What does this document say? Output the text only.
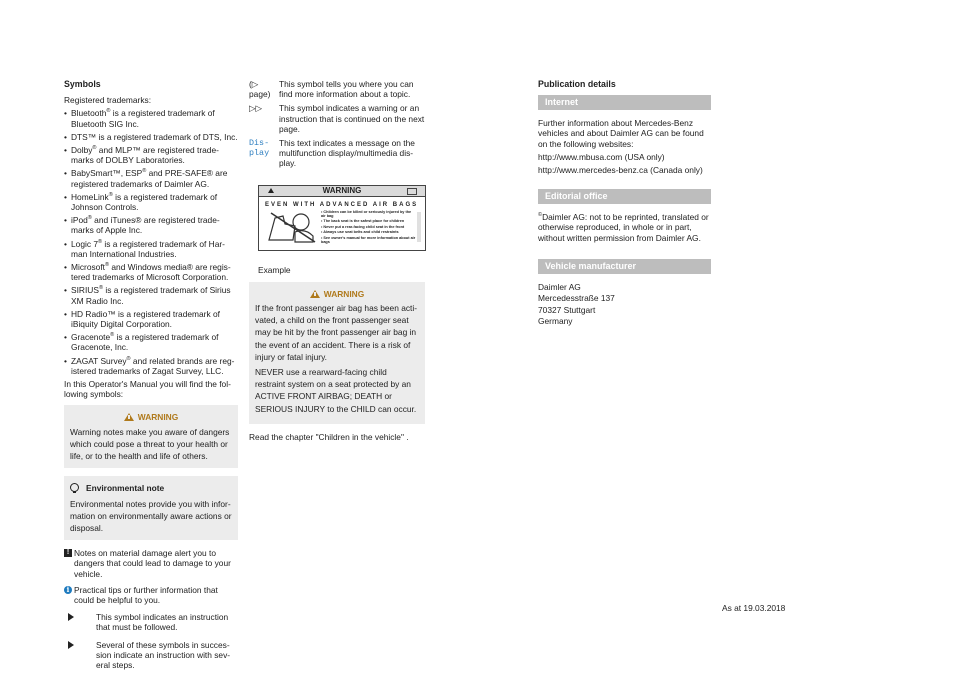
Symbols

Registered trademarks:

• Bluetooth® is a registered trademark of Bluetooth SIG Inc.
• DTS™ is a registered trademark of DTS, Inc.
• Dolby® and MLP™ are registered trademarks of DOLBY Laboratories.
• BabySmart™, ESP® and PRE-SAFE® are registered trademarks of Daimler AG.
• HomeLink® is a registered trademark of Johnson Controls.
• iPod® and iTunes® are registered trademarks of Apple Inc.
• Logic 7® is a registered trademark of Harman International Industries.
• Microsoft® and Windows media® are registered trademarks of Microsoft Corporation.
• SIRIUS® is a registered trademark of Sirius XM Radio Inc.
• HD Radio™ is a registered trademark of iBiquity Digital Corporation.
• Gracenote® is a registered trademark of Gracenote, Inc.
• ZAGAT Survey® and related brands are registered trademarks of Zagat Survey, LLC.

In this Operator's Manual you will find the following symbols:

WARNING
Warning notes make you aware of dangers which could pose a threat to your health or life, or to the health and life of others.
Environmental note
Environmental notes provide you with information on environmentally aware actions or disposal.
! Notes on material damage alert you to dangers that could lead to damage to your vehicle.
i Practical tips or further information that could be helpful to you.
This symbol indicates an instruction that must be followed.
Several of these symbols in succession indicate an instruction with several steps.
(▷ page)	This symbol tells you where you can find more information about a topic.
▷▷	This symbol indicates a warning or an instruction that is continued on the next page.
Display	This text indicates a message on the multifunction display/multimedia display.
WARNING
EVEN WITH ADVANCED AIR BAGS
• Children can be killed or seriously injured by the air bag
• The back seat is the safest place for children
• Never put a rear-facing child seat in the front
• Always use seat belts and child restraints
• See owner's manual for more information about air bags
Example
WARNING

If the front passenger air bag has been activated, a child on the front passenger seat may be hit by the front passenger air bag in the event of an accident. There is a risk of injury or fatal injury.

NEVER use a rearward-facing child restraint system on a seat protected by an ACTIVE FRONT AIRBAG; DEATH or SERIOUS INJURY to the CHILD can occur.

Read the chapter "Children in the vehicle" .

Publication details
Internet

Further information about Mercedes-Benz vehicles and about Daimler AG can be found on the following websites:

http://www.mbusa.com (USA only)

http://www.mercedes-benz.ca (Canada only)

Editorial office

©Daimler AG: not to be reprinted, translated or otherwise reproduced, in whole or in part, without written permission from Daimler AG.

Vehicle manufacturer
Daimler AG
Mercedesstraße 137
70327 Stuttgart
Germany
As at 19.03.2018
